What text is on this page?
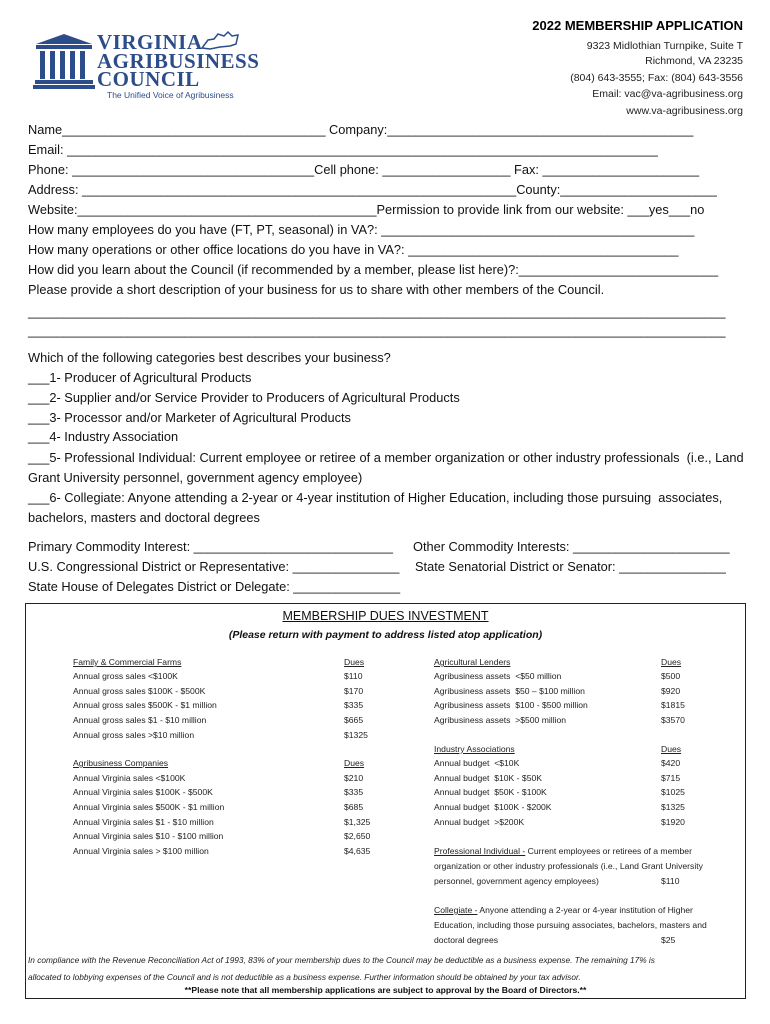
VIRGINIA
AGRIBUSINESS
COUNCIL
The Unified Voice of Agribusiness
2022 MEMBERSHIP APPLICATION
9323 Midlothian Turnpike, Suite T
Richmond, VA 23235
(804) 643-3555; Fax: (804) 643-3556
Email: vac@va-agribusiness.org
www.va-agribusiness.org
Name_____________________________________ Company:___________________________________________
Email: ___________________________________________________________________________________
Phone: __________________________________Cell phone: __________________ Fax: ______________________
Address: _____________________________________________________________County:______________________
Website:__________________________________________Permission to provide link from our website: ___yes___no
How many employees do you have (FT, PT, seasonal) in VA?: ____________________________________________
How many operations or other office locations do you have in VA?: ______________________________________
How did you learn about the Council (if recommended by a member, please list here)?:____________________________
Please provide a short description of your business for us to share with other members of the Council.
__________________________________________________________________________________________________
__________________________________________________________________________________________________
Which of the following categories best describes your business?
___1- Producer of Agricultural Products
___2- Supplier and/or Service Provider to Producers of Agricultural Products
___3- Processor and/or Marketer of Agricultural Products
___4- Industry Association
___5- Professional Individual: Current employee or retiree of a member organization or other industry professionals  (i.e., Land
Grant University personnel, government agency employee)
___6- Collegiate: Anyone attending a 2-year or 4-year institution of Higher Education, including those pursuing  associates,
bachelors, masters and doctoral degrees
Primary Commodity Interest: ____________________________ Other Commodity Interests: ______________________
U.S. Congressional District or Representative: _______________ State Senatorial District or Senator: _______________
State House of Delegates District or Delegate: _______________
MEMBERSHIP DUES INVESTMENT
(Please return with payment to address listed atop application)
Family & Commercial Farms	Dues
Annual gross sales <$100K	$110
Annual gross sales $100K - $500K	$170
Annual gross sales $500K - $1 million	$335
Annual gross sales $1 - $10 million	$665
Annual gross sales >$10 million	$1325
Agribusiness Companies	Dues
Annual Virginia sales <$100K	$210
Annual Virginia sales $100K - $500K	$335
Annual Virginia sales $500K - $1 million	$685
Annual Virginia sales $1 - $10 million	$1,325
Annual Virginia sales $10 - $100 million	$2,650
Annual Virginia sales > $100 million	$4,635
Agricultural Lenders	Dues
Agribusiness assets  <$50 million	$500
Agribusiness assets  $50 – $100 million	$920
Agribusiness assets  $100 - $500 million	$1815
Agribusiness assets  >$500 million	$3570
Industry Associations	Dues
Annual budget  <$10K	$420
Annual budget  $10K - $50K	$715
Annual budget  $50K - $100K	$1025
Annual budget  $100K - $200K	$1325
Annual budget  >$200K	$1920
Professional Individual - Current employees or retirees of a member
organization or other industry professionals (i.e., Land Grant University
personnel, government agency employees)	$110
Collegiate - Anyone attending a 2-year or 4-year institution of Higher
Education, including those pursuing associates, bachelors, masters and
doctoral degrees	$25
In compliance with the Revenue Reconciliation Act of 1993, 83% of your membership dues to the Council may be deductible as a business expense. The remaining 17% is
allocated to lobbying expenses of the Council and is not deductible as a business expense. Further information should be obtained by your tax advisor.
**Please note that all membership applications are subject to approval by the Board of Directors.**
